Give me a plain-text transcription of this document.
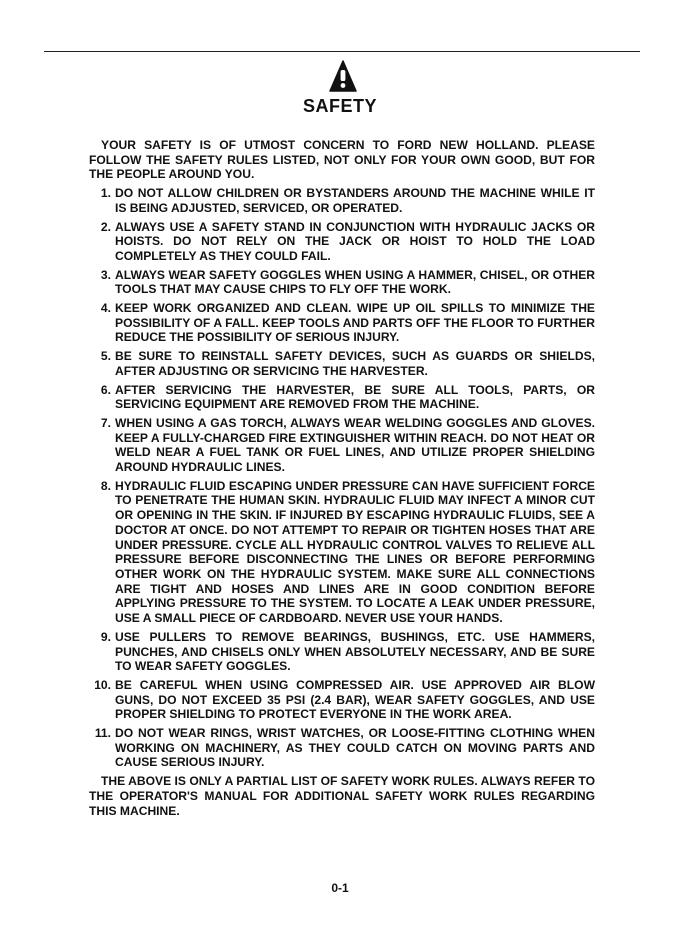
SAFETY

YOUR SAFETY IS OF UTMOST CONCERN TO FORD NEW HOLLAND. PLEASE FOLLOW THE SAFETY RULES LISTED, NOT ONLY FOR YOUR OWN GOOD, BUT FOR THE PEOPLE AROUND YOU.

1. DO NOT ALLOW CHILDREN OR BYSTANDERS AROUND THE MACHINE WHILE IT IS BEING ADJUSTED, SERVICED, OR OPERATED.
2. ALWAYS USE A SAFETY STAND IN CONJUNCTION WITH HYDRAULIC JACKS OR HOISTS. DO NOT RELY ON THE JACK OR HOIST TO HOLD THE LOAD COMPLETELY AS THEY COULD FAIL.
3. ALWAYS WEAR SAFETY GOGGLES WHEN USING A HAMMER, CHISEL, OR OTHER TOOLS THAT MAY CAUSE CHIPS TO FLY OFF THE WORK.
4. KEEP WORK ORGANIZED AND CLEAN. WIPE UP OIL SPILLS TO MINIMIZE THE POSSIBILITY OF A FALL. KEEP TOOLS AND PARTS OFF THE FLOOR TO FURTHER REDUCE THE POSSIBILITY OF SERIOUS INJURY.
5. BE SURE TO REINSTALL SAFETY DEVICES, SUCH AS GUARDS OR SHIELDS, AFTER ADJUSTING OR SERVICING THE HARVESTER.
6. AFTER SERVICING THE HARVESTER, BE SURE ALL TOOLS, PARTS, OR SERVICING EQUIPMENT ARE REMOVED FROM THE MACHINE.
7. WHEN USING A GAS TORCH, ALWAYS WEAR WELDING GOGGLES AND GLOVES. KEEP A FULLY-CHARGED FIRE EXTINGUISHER WITHIN REACH. DO NOT HEAT OR WELD NEAR A FUEL TANK OR FUEL LINES, AND UTILIZE PROPER SHIELDING AROUND HYDRAULIC LINES.
8. HYDRAULIC FLUID ESCAPING UNDER PRESSURE CAN HAVE SUFFICIENT FORCE TO PENETRATE THE HUMAN SKIN. HYDRAULIC FLUID MAY INFECT A MINOR CUT OR OPENING IN THE SKIN. IF INJURED BY ESCAPING HYDRAULIC FLUIDS, SEE A DOCTOR AT ONCE. DO NOT ATTEMPT TO REPAIR OR TIGHTEN HOSES THAT ARE UNDER PRESSURE. CYCLE ALL HYDRAULIC CONTROL VALVES TO RELIEVE ALL PRESSURE BEFORE DISCONNECTING THE LINES OR BEFORE PERFORMING OTHER WORK ON THE HYDRAULIC SYSTEM. MAKE SURE ALL CONNECTIONS ARE TIGHT AND HOSES AND LINES ARE IN GOOD CONDITION BEFORE APPLYING PRESSURE TO THE SYSTEM. TO LOCATE A LEAK UNDER PRESSURE, USE A SMALL PIECE OF CARDBOARD. NEVER USE YOUR HANDS.
9. USE PULLERS TO REMOVE BEARINGS, BUSHINGS, ETC. USE HAMMERS, PUNCHES, AND CHISELS ONLY WHEN ABSOLUTELY NECESSARY, AND BE SURE TO WEAR SAFETY GOGGLES.
10. BE CAREFUL WHEN USING COMPRESSED AIR. USE APPROVED AIR BLOW GUNS, DO NOT EXCEED 35 PSI (2.4 BAR), WEAR SAFETY GOGGLES, AND USE PROPER SHIELDING TO PROTECT EVERYONE IN THE WORK AREA.
11. DO NOT WEAR RINGS, WRIST WATCHES, OR LOOSE-FITTING CLOTHING WHEN WORKING ON MACHINERY, AS THEY COULD CATCH ON MOVING PARTS AND CAUSE SERIOUS INJURY.

THE ABOVE IS ONLY A PARTIAL LIST OF SAFETY WORK RULES. ALWAYS REFER TO THE OPERATOR'S MANUAL FOR ADDITIONAL SAFETY WORK RULES REGARDING THIS MACHINE.

0-1
